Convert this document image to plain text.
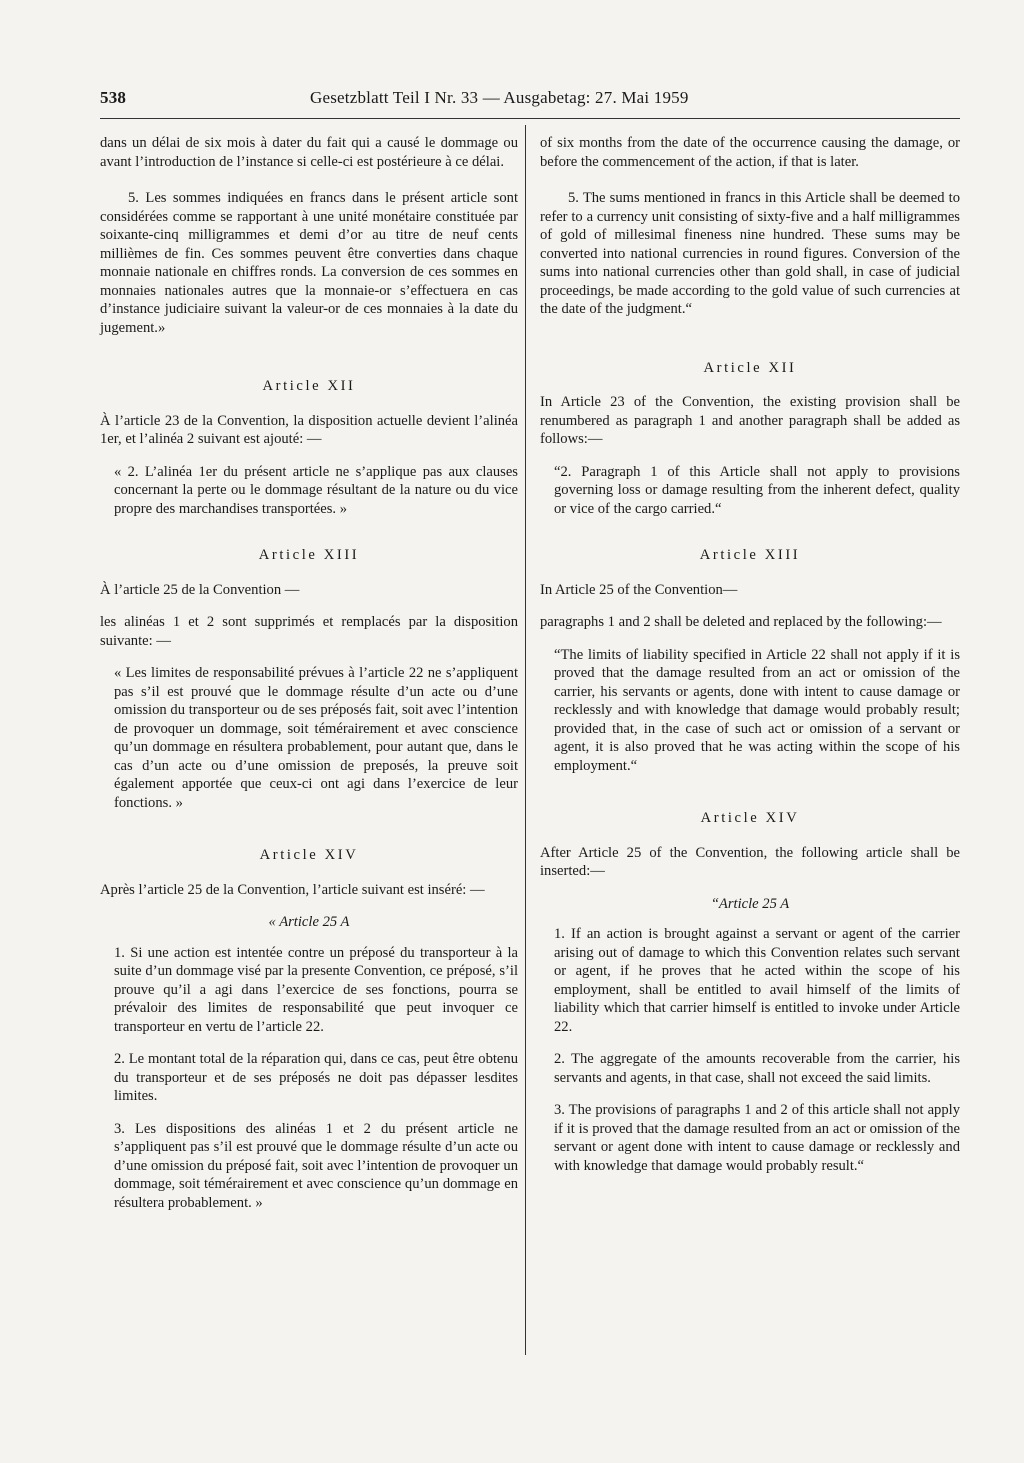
538	Gesetzblatt Teil I Nr. 33 — Ausgabetag: 27. Mai 1959

dans un délai de six mois à dater du fait qui a causé le dommage ou avant l’introduction de l’instance si celle-ci est postérieure à ce délai.

5. Les sommes indiquées en francs dans le présent article sont considérées comme se rapportant à une unité monétaire constituée par soixante-cinq milligrammes et demi d’or au titre de neuf cents millièmes de fin. Ces sommes peuvent être converties dans chaque monnaie nationale en chiffres ronds. La conversion de ces sommes en monnaies nationales autres que la monnaie-or s’effectuera en cas d’instance judiciaire suivant la valeur-or de ces monnaies à la date du jugement.»

Article XII

À l’article 23 de la Convention, la disposition actuelle devient l’alinéa 1er, et l’alinéa 2 suivant est ajouté: —

« 2. L’alinéa 1er du présent article ne s’applique pas aux clauses concernant la perte ou le dommage résultant de la nature ou du vice propre des marchandises transportées. »

Article XIII

À l’article 25 de la Convention —

les alinéas 1 et 2 sont supprimés et remplacés par la disposition suivante: —

« Les limites de responsabilité prévues à l’article 22 ne s’appliquent pas s’il est prouvé que le dommage résulte d’un acte ou d’une omission du transporteur ou de ses préposés fait, soit avec l’intention de provoquer un dommage, soit témérairement et avec conscience qu’un dommage en résultera probablement, pour autant que, dans le cas d’un acte ou d’une omission de preposés, la preuve soit également apportée que ceux-ci ont agi dans l’exercice de leur fonctions. »

Article XIV

Après l’article 25 de la Convention, l’article suivant est inséré: —

« Article 25 A

1. Si une action est intentée contre un préposé du transporteur à la suite d’un dommage visé par la presente Convention, ce préposé, s’il prouve qu’il a agi dans l’exercice de ses fonctions, pourra se prévaloir des limites de responsabilité que peut invoquer ce transporteur en vertu de l’article 22.

2. Le montant total de la réparation qui, dans ce cas, peut être obtenu du transporteur et de ses préposés ne doit pas dépasser lesdites limites.

3. Les dispositions des alinéas 1 et 2 du présent article ne s’appliquent pas s’il est prouvé que le dommage résulte d’un acte ou d’une omission du préposé fait, soit avec l’intention de provoquer un dommage, soit témérairement et avec conscience qu’un dommage en résultera probablement. »

of six months from the date of the occurrence causing the damage, or before the commencement of the action, if that is later.

5. The sums mentioned in francs in this Article shall be deemed to refer to a currency unit consisting of sixty-five and a half milligrammes of gold of millesimal fineness nine hundred. These sums may be converted into national currencies in round figures. Conversion of the sums into national currencies other than gold shall, in case of judicial proceedings, be made according to the gold value of such currencies at the date of the judgment.“

Article XII

In Article 23 of the Convention, the existing provision shall be renumbered as paragraph 1 and another paragraph shall be added as follows:—

“2. Paragraph 1 of this Article shall not apply to provisions governing loss or damage resulting from the inherent defect, quality or vice of the cargo carried.“

Article XIII

In Article 25 of the Convention—

paragraphs 1 and 2 shall be deleted and replaced by the following:—

“The limits of liability specified in Article 22 shall not apply if it is proved that the damage resulted from an act or omission of the carrier, his servants or agents, done with intent to cause damage or recklessly and with knowledge that damage would probably result; provided that, in the case of such act or omission of a servant or agent, it is also proved that he was acting within the scope of his employment.“

Article XIV

After Article 25 of the Convention, the following article shall be inserted:—

“Article 25 A

1. If an action is brought against a servant or agent of the carrier arising out of damage to which this Convention relates such servant or agent, if he proves that he acted within the scope of his employment, shall be entitled to avail himself of the limits of liability which that carrier himself is entitled to invoke under Article 22.

2. The aggregate of the amounts recoverable from the carrier, his servants and agents, in that case, shall not exceed the said limits.

3. The provisions of paragraphs 1 and 2 of this article shall not apply if it is proved that the damage resulted from an act or omission of the servant or agent done with intent to cause damage or recklessly and with knowledge that damage would probably result.“
